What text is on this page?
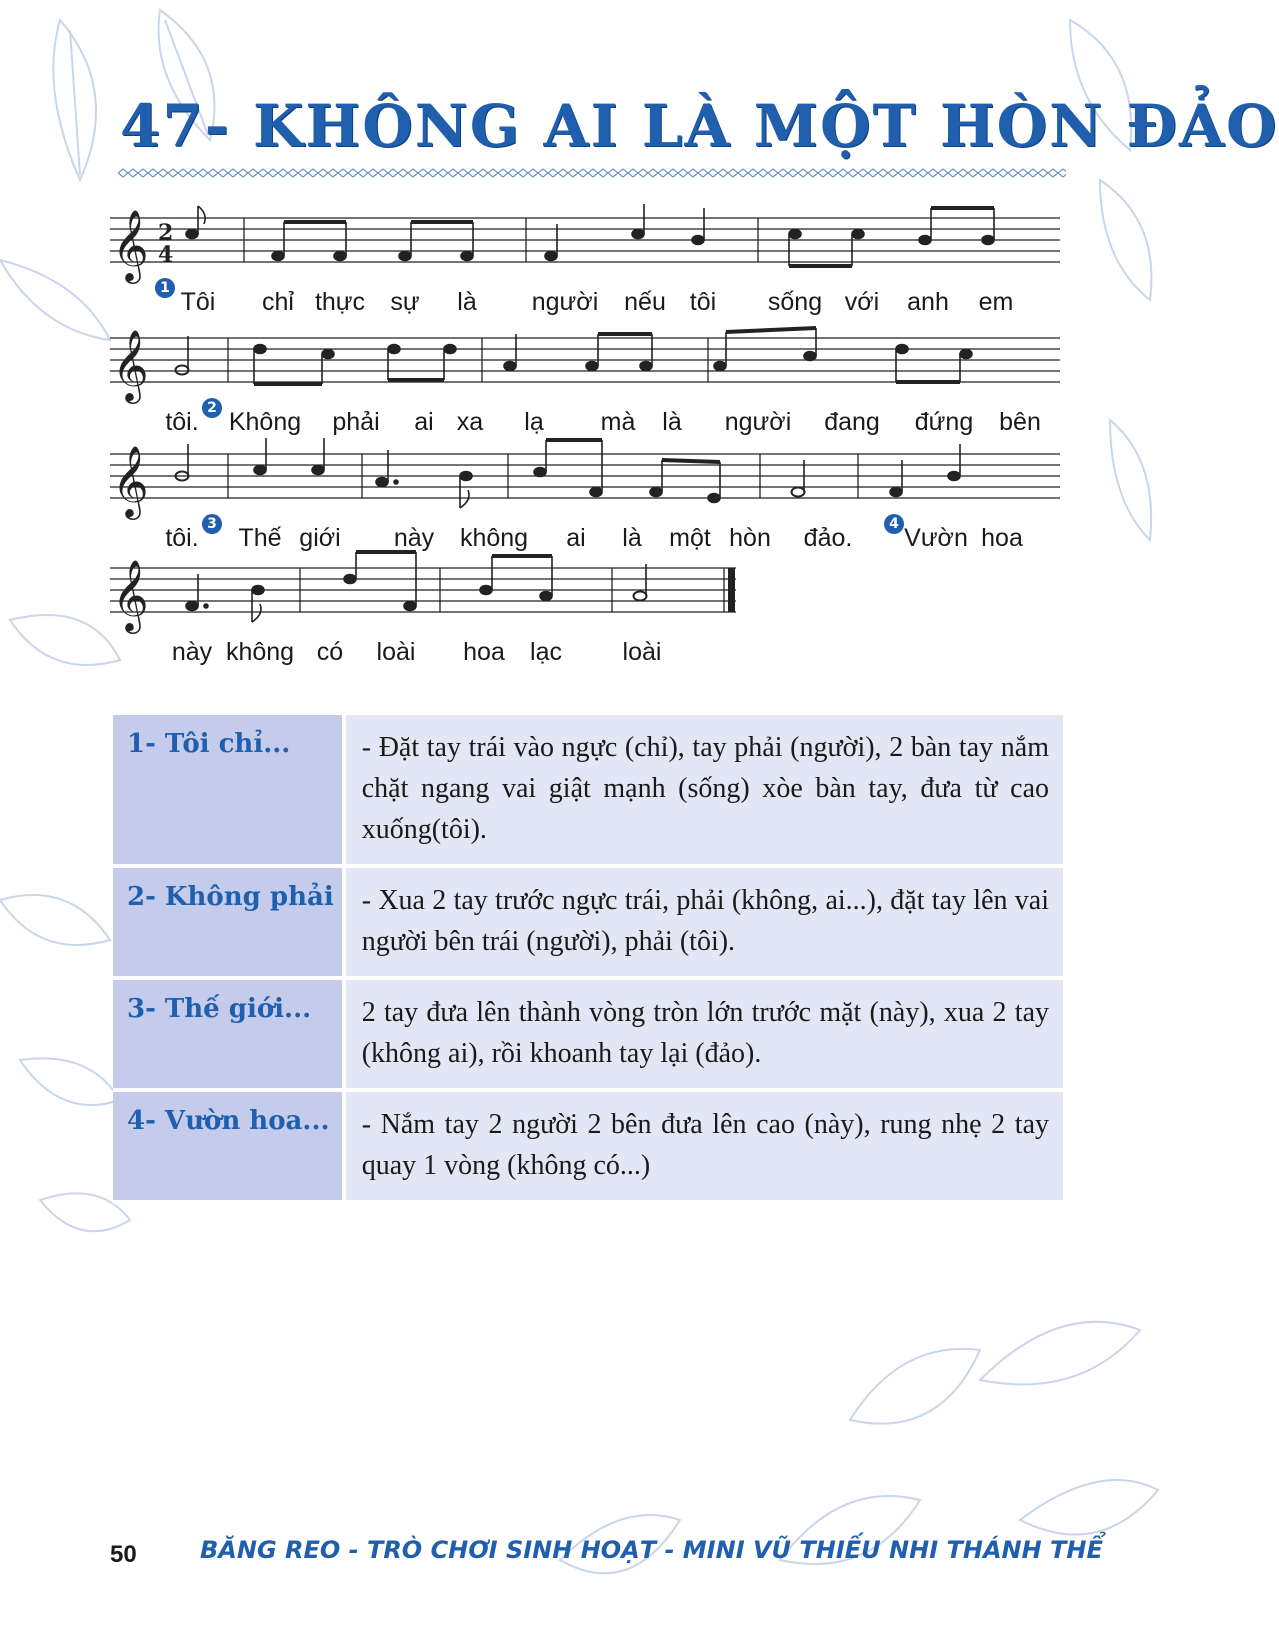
47- KHÔNG AI LÀ MỘT HÒN ĐẢO
𝄞 2
4
1 Tôi chỉ thực sự là người nếu tôi sống với anh em
𝄞
tôi. 2 Không phải ai xa lạ mà là người đang đứng bên
𝄞
tôi. 3 Thế giới này không ai là một hòn đảo.	4 Vườn hoa
𝄞
này không có loài hoa lạc loài
1- Tôi chỉ...	- Đặt tay trái vào ngực (chỉ), tay phải (người), 2 bàn tay nắm chặt ngang vai giật mạnh (sống) xòe bàn tay, đưa từ cao xuống(tôi).
2- Không phải	- Xua 2 tay trước ngực trái, phải (không, ai...), đặt tay lên vai người bên trái (người), phải (tôi).
3- Thế giới...	2 tay đưa lên thành vòng tròn lớn trước mặt (này), xua 2 tay (không ai), rồi khoanh tay lại (đảo).
4- Vườn hoa...	- Nắm tay 2 người 2 bên đưa lên cao (này), rung nhẹ 2 tay quay 1 vòng (không có...)
50	BĂNG REO - TRÒ CHƠI SINH HOẠT - MINI VŨ THIẾU NHI THÁNH THỂ
